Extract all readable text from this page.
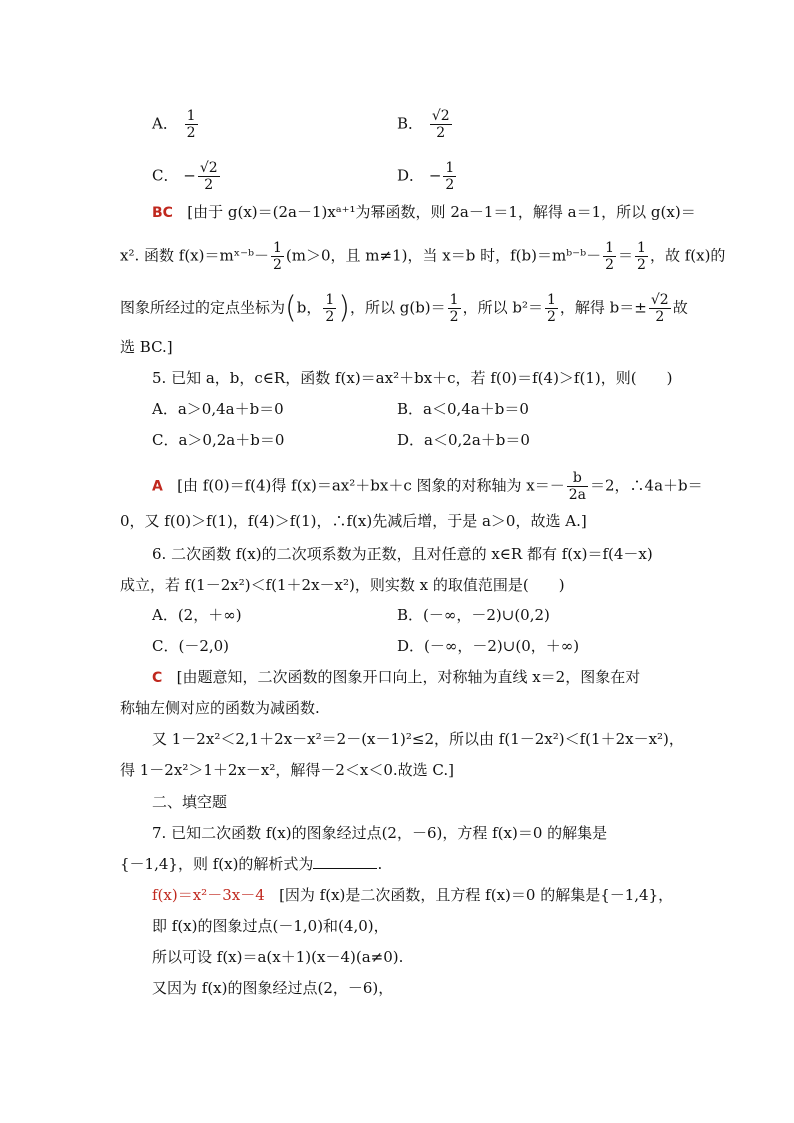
A． $\frac{1}{2}$	B． $\frac{√2}{2}$
C． − $\frac{√2}{2}$	D． − $\frac{1}{2}$
BC [由于 g(x)＝(2a－1)xᵃ⁺¹为幂函数，则 2a－1＝1，解得 a＝1，所以 g(x)＝
x². 函数 f(x)＝mˣ⁻ᵇ－ $\frac{1}{2} (m>0$，且 m≠1)，当 x＝b 时，f(b)＝mᵇ⁻ᵇ－ $\frac{1}{2} = \frac{1}{2}$ ，故 f(x)的
图象所经过的定点坐标为(b， $\frac{1}{2}$ )，所以 $g(b)= \frac{1}{2}$ ，所以 $b^2= \frac{1}{2}$ ，解得 $b=\pm \frac{√2}{2}$ 故
选 BC.]
5. 已知 a，b，c∈R，函数 f(x)＝ax²＋bx＋c，若 f(0)＝f(4)＞f(1)，则(　　)
A．a＞0,4a＋b＝0	B．a＜0,4a＋b＝0
C．a＞0,2a＋b＝0	D．a＜0,2a＋b＝0
A [由 f(0)＝f(4)得 f(x)＝ax²＋bx＋c 图象的对称轴为 $x=- \frac{b}{2a} =2$，∴4a＋b＝
0，又 f(0)＞f(1)，f(4)＞f(1)，∴f(x)先减后增，于是 a＞0，故选 A.]
6. 二次函数 f(x)的二次项系数为正数，且对任意的 x∈R 都有 f(x)＝f(4－x)
成立，若 f(1－2x²)＜f(1＋2x－x²)，则实数 x 的取值范围是(　　)
A．(2，＋∞)	B．(－∞，－2)∪(0,2)
C．(－2,0)	D．(－∞，－2)∪(0，＋∞)
C [由题意知，二次函数的图象开口向上，对称轴为直线 x＝2，图象在对
称轴左侧对应的函数为减函数.
又 1－2x²＜2,1＋2x－x²＝2－(x－1)²≤2，所以由 f(1－2x²)＜f(1＋2x－x²)，
得 1－2x²＞1＋2x－x²，解得－2＜x＜0.故选 C.]
二、填空题
7. 已知二次函数 f(x)的图象经过点(2，－6)，方程 f(x)＝0 的解集是
{－1,4}，则 f(x)的解析式为	.
f(x)＝x²－3x－4 [因为 f(x)是二次函数，且方程 f(x)＝0 的解集是{－1,4}，
即 f(x)的图象过点(－1,0)和(4,0)，
所以可设 f(x)＝a(x＋1)(x－4)(a≠0).
又因为 f(x)的图象经过点(2，－6)，
